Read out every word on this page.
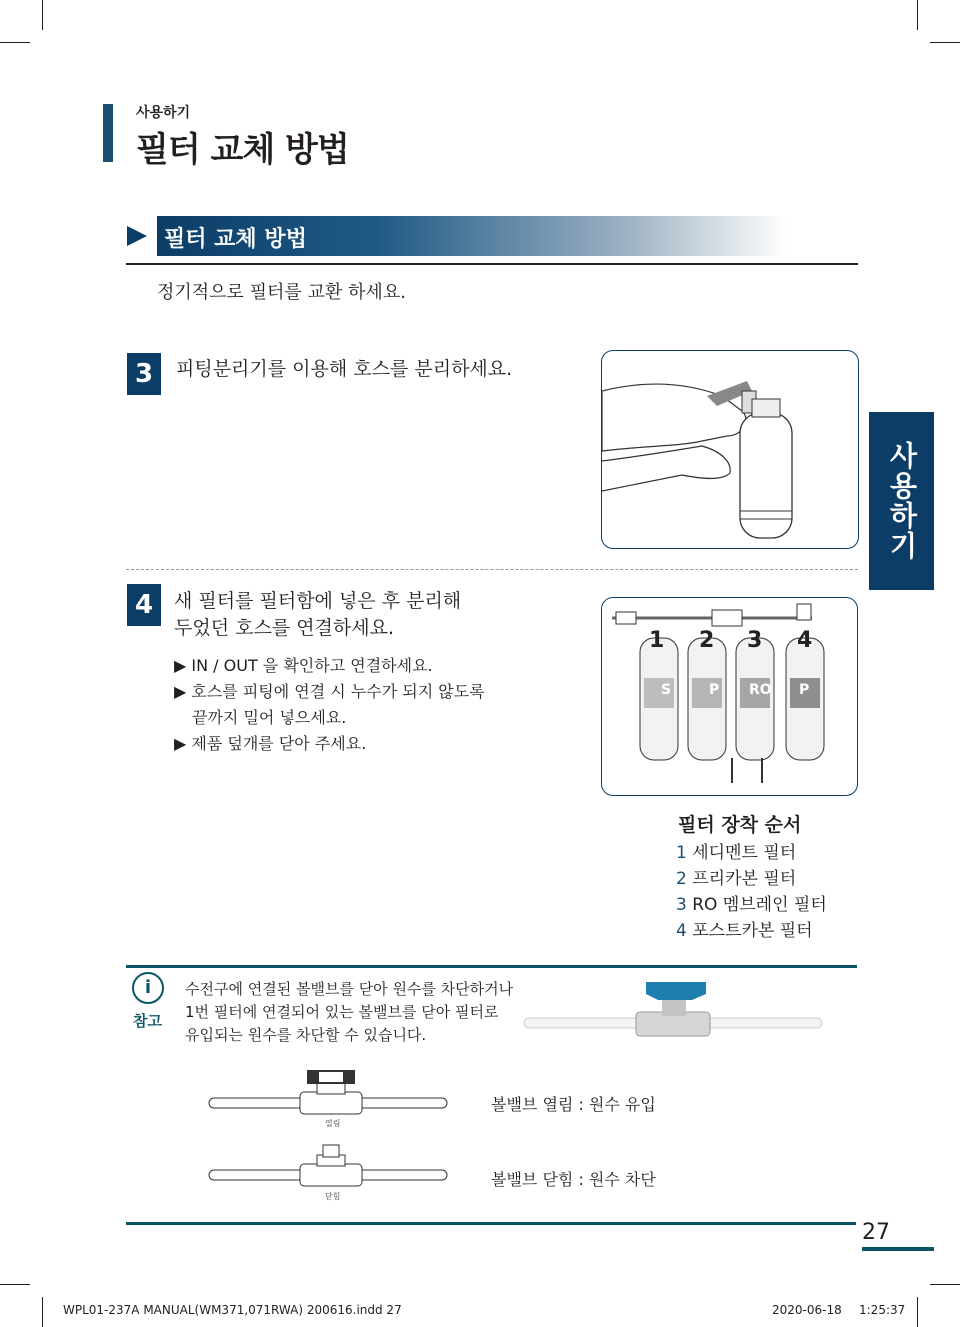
사용하기
필터 교체 방법
필터 교체 방법
정기적으로 필터를 교환 하세요.
3	피팅분리기를 이용해 호스를 분리하세요.
4	새 필터를 필터함에 넣은 후 분리해
두었던 호스를 연결하세요.
▶ IN / OUT 을 확인하고 연결하세요.
▶ 호스를 피팅에 연결 시 누수가 되지 않도록
끝까지 밀어 넣으세요.
▶ 제품 덮개를 닫아 주세요.
1 2 3 4
S	P RO P
사용하기
필터 장착 순서
1 세디멘트 필터
2 프리카본 필터
3 RO 멤브레인 필터
4 포스트카본 필터
i
참고
수전구에 연결된 볼밸브를 닫아 원수를 차단하거나
1번 필터에 연결되어 있는 볼밸브를 닫아 필터로
유입되는 원수를 차단할 수 있습니다.
열림
볼밸브 열림 : 원수 유입
닫힘
볼밸브 닫힘 : 원수 차단
27
WPL01-237A MANUAL(WM371,071RWA) 200616.indd 27	2020-06-18 1:25:37
